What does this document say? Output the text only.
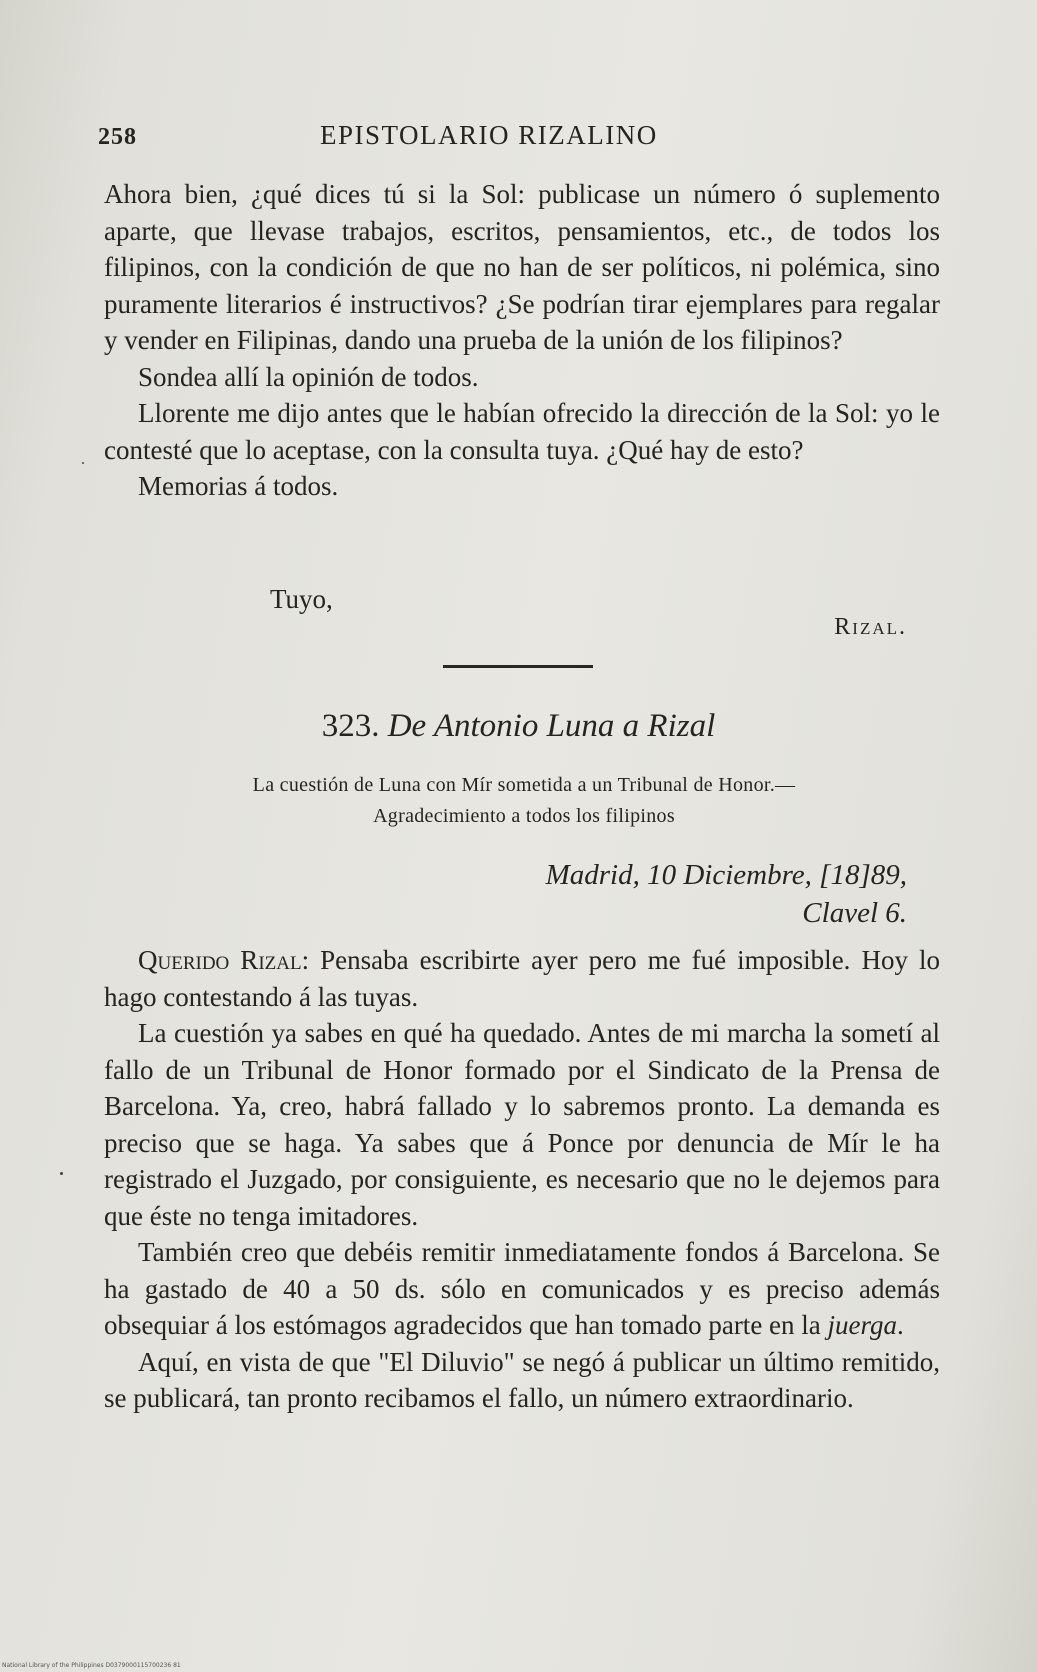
258	EPISTOLARIO RIZALINO

Ahora bien, ¿qué dices tú si la Sol: publicase un número ó suplemento aparte, que llevase trabajos, escritos, pensamientos, etc., de todos los filipinos, con la condición de que no han de ser políticos, ni polémica, sino puramente literarios é instructivos? ¿Se podrían tirar ejemplares para regalar y vender en Filipinas, dando una prueba de la unión de los filipinos?

Sondea allí la opinión de todos.

Llorente me dijo antes que le habían ofrecido la dirección de la Sol: yo le contesté que lo aceptase, con la consulta tuya. ¿Qué hay de esto?

Memorias á todos.

Tuyo,
Rizal.
323. De Antonio Luna a Rizal
La cuestión de Luna con Mír sometida a un Tribunal de Honor.—
Agradecimiento a todos los filipinos
Madrid, 10 Diciembre, [18]89,
Clavel 6.

Querido Rizal: Pensaba escribirte ayer pero me fué imposible. Hoy lo hago contestando á las tuyas.

La cuestión ya sabes en qué ha quedado. Antes de mi marcha la sometí al fallo de un Tribunal de Honor formado por el Sindicato de la Prensa de Barcelona. Ya, creo, habrá fallado y lo sabremos pronto. La demanda es preciso que se haga. Ya sabes que á Ponce por denuncia de Mír le ha registrado el Juzgado, por consiguiente, es necesario que no le dejemos para que éste no tenga imitadores.

También creo que debéis remitir inmediatamente fondos á Barcelona. Se ha gastado de 40 a 50 ds. sólo en comunicados y es preciso además obsequiar á los estómagos agradecidos que han tomado parte en la juerga.

Aquí, en vista de que "El Diluvio" se negó á publicar un último remitido, se publicará, tan pronto recibamos el fallo, un número extraordinario.

National Library of the Philippines D0379000115700236 81
